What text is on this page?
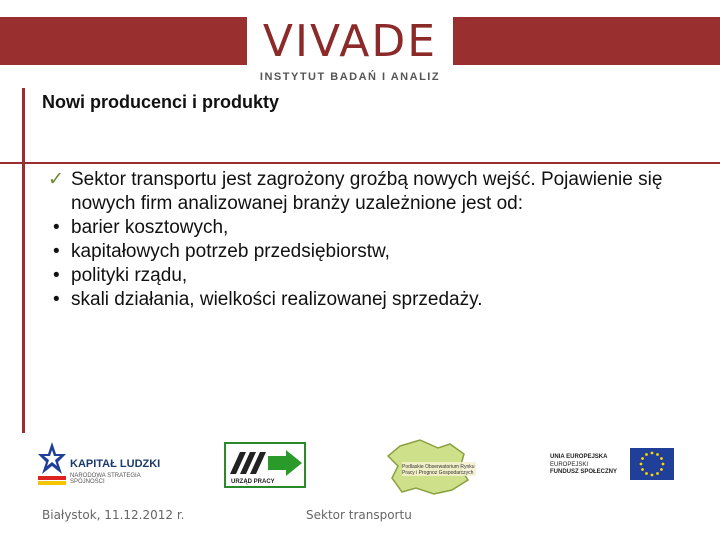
VIVADE
INSTYTUT BADAŃ I ANALIZ
Nowi producenci i produkty
✓ Sektor transportu jest zagrożony groźbą nowych wejść. Pojawienie się nowych firm analizowanej branży uzależnione jest od:
• barier kosztowych,
• kapitałowych potrzeb przedsiębiorstw,
• polityki rządu,
• skali działania, wielkości realizowanej sprzedaży.
KAPITAŁ LUDZKI
NARODOWA STRATEGIA SPÓJNOŚCI	URZĄD PRACY
Podlaskie Obserwatorium Rynku Pracy i Prognoz Gospodarczych
UNIA EUROPEJSKA
EUROPEJSKI
FUNDUSZ SPOŁECZNY
Białystok, 11.12.2012 r.	Sektor transportu
